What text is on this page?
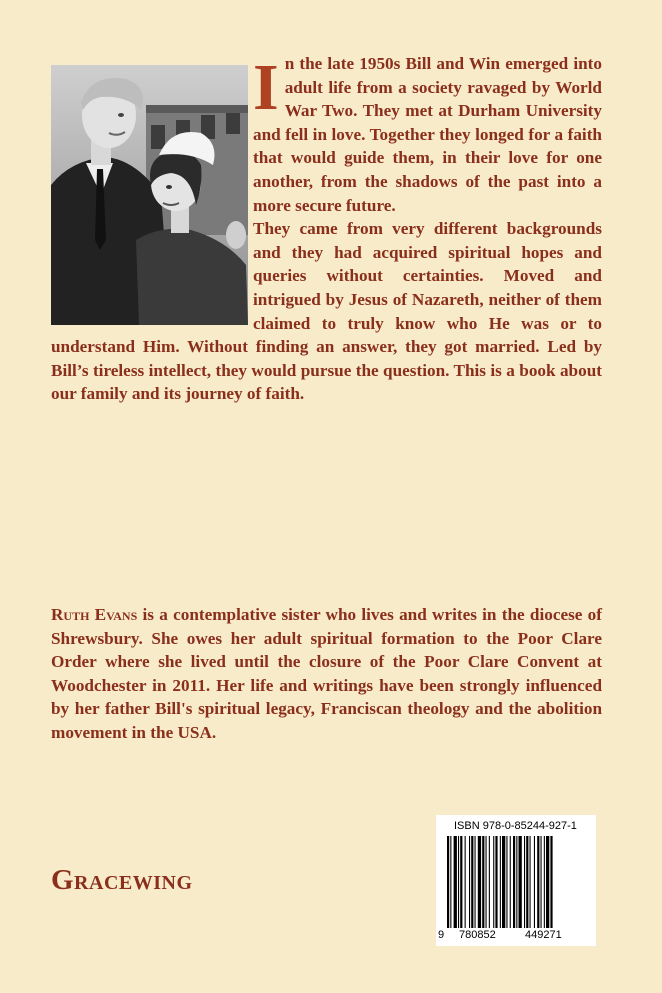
In the late 1950s Bill and Win emerged into adult life from a society ravaged by World War Two. They met at Durham University and fell in love. Together they longed for a faith that would guide them, in their love for one another, from the shadows of the past into a more secure future.

They came from very different backgrounds and they had acquired spiritual hopes and queries without certainties. Moved and intrigued by Jesus of Nazareth, neither of them claimed to truly know who He was or to understand Him. Without finding an answer, they got married. Led by Bill’s tireless intellect, they would pursue the question. This is a book about our family and its journey of faith.

Ruth Evans is a contemplative sister who lives and writes in the diocese of Shrewsbury. She owes her adult spiritual formation to the Poor Clare Order where she lived until the closure of the Poor Clare Convent at Woodchester in 2011. Her life and writings have been strongly influenced by her father Bill's spiritual legacy, Franciscan theology and the abolition movement in the USA.

Gracewing
ISBN 978-0-85244-927-1
9 780852	449271
